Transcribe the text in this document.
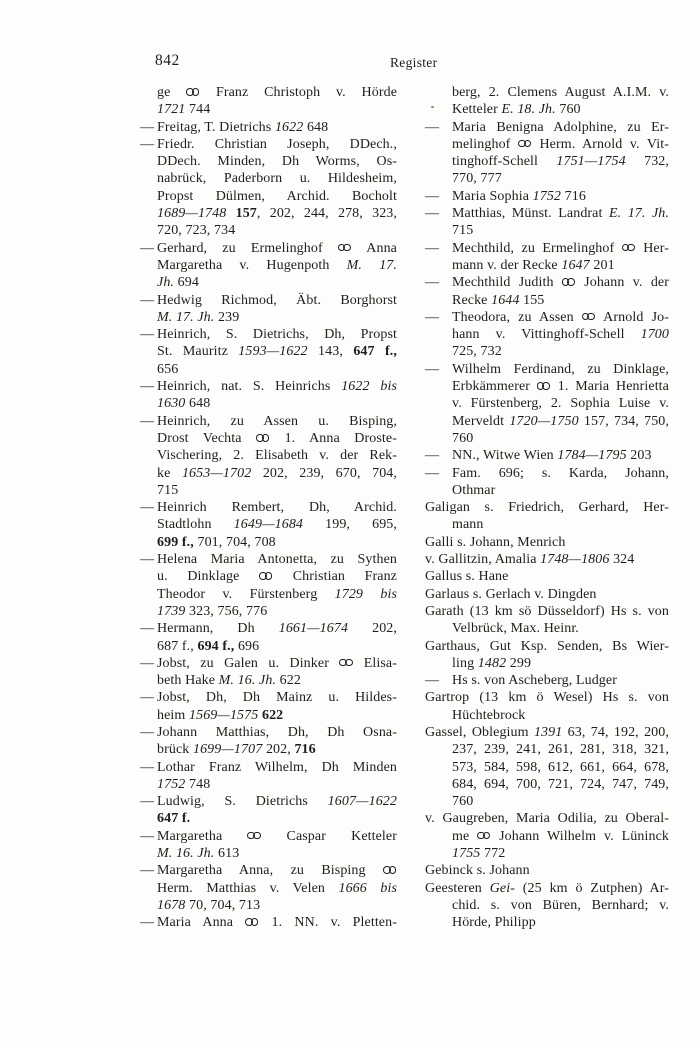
842	Register
ge  Franz Christoph v. Hörde
1721 744
— Freitag, T. Dietrichs 1622 648
— Friedr. Christian Joseph, DDech.,
DDech. Minden, Dh Worms, Os-
nabrück, Paderborn u. Hildesheim,
Propst Dülmen, Archid. Bocholt
1689—1748 157, 202, 244, 278, 323,
720, 723, 734
— Gerhard, zu Ermelinghof  Anna
Margaretha v. Hugenpoth M. 17.
Jh. 694
— Hedwig Richmod, Äbt. Borghorst
M. 17. Jh. 239
— Heinrich, S. Dietrichs, Dh, Propst
St. Mauritz 1593—1622 143, 647 f.,
656
— Heinrich, nat. S. Heinrichs 1622 bis
1630 648
— Heinrich, zu Assen u. Bisping,
Drost Vechta  1. Anna Droste-
Vischering, 2. Elisabeth v. der Rek-
ke 1653—1702 202, 239, 670, 704,
715
— Heinrich Rembert, Dh, Archid.
Stadtlohn 1649—1684 199, 695,
699 f., 701, 704, 708
— Helena Maria Antonetta, zu Sythen
u. Dinklage  Christian Franz
Theodor v. Fürstenberg 1729 bis
1739 323, 756, 776
— Hermann, Dh 1661—1674 202,
687 f., 694 f., 696
— Jobst, zu Galen u. Dinker  Elisa-
beth Hake M. 16. Jh. 622
— Jobst, Dh, Dh Mainz u. Hildes-
heim 1569—1575 622
— Johann Matthias, Dh, Dh Osna-
brück 1699—1707 202, 716
— Lothar Franz Wilhelm, Dh Minden
1752 748
— Ludwig, S. Dietrichs 1607—1622
647 f.
— Margaretha  Caspar Ketteler
M. 16. Jh. 613
— Margaretha Anna, zu Bisping
Herm. Matthias v. Velen 1666 bis
1678 70, 704, 713
— Maria Anna  1. NN. v. Pletten-
berg, 2. Clemens August A.I.M. v.
Ketteler E. 18. Jh. 760
— Maria Benigna Adolphine, zu Er-
melinghof  Herm. Arnold v. Vit-
tinghoff-Schell 1751—1754 732,
770, 777
— Maria Sophia 1752 716
— Matthias, Münst. Landrat E. 17. Jh.
715
— Mechthild, zu Ermelinghof  Her-
mann v. der Recke 1647 201
— Mechthild Judith  Johann v. der
Recke 1644 155
— Theodora, zu Assen  Arnold Jo-
hann v. Vittinghoff-Schell 1700
725, 732
— Wilhelm Ferdinand, zu Dinklage,
Erbkämmerer  1. Maria Henrietta
v. Fürstenberg, 2. Sophia Luise v.
Merveldt 1720—1750 157, 734, 750,
760
— NN., Witwe Wien 1784—1795 203
— Fam. 696; s. Karda, Johann,
Othmar
Galigan s. Friedrich, Gerhard, Her-
mann
Galli s. Johann, Menrich
v. Gallitzin, Amalia 1748—1806 324
Gallus s. Hane
Garlaus s. Gerlach v. Dingden
Garath (13 km sö Düsseldorf) Hs s. von
Velbrück, Max. Heinr.
Garthaus, Gut Ksp. Senden, Bs Wier-
ling 1482 299
— Hs s. von Ascheberg, Ludger
Gartrop (13 km ö Wesel) Hs s. von
Hüchtebrock
Gassel, Oblegium 1391 63, 74, 192, 200,
237, 239, 241, 261, 281, 318, 321,
573, 584, 598, 612, 661, 664, 678,
684, 694, 700, 721, 724, 747, 749,
760
v. Gaugreben, Maria Odilia, zu Oberal-
me  Johann Wilhelm v. Lüninck
1755 772
Gebinck s. Johann
Geesteren Gei- (25 km ö Zutphen) Ar-
chid. s. von Büren, Bernhard; v.
Hörde, Philipp
